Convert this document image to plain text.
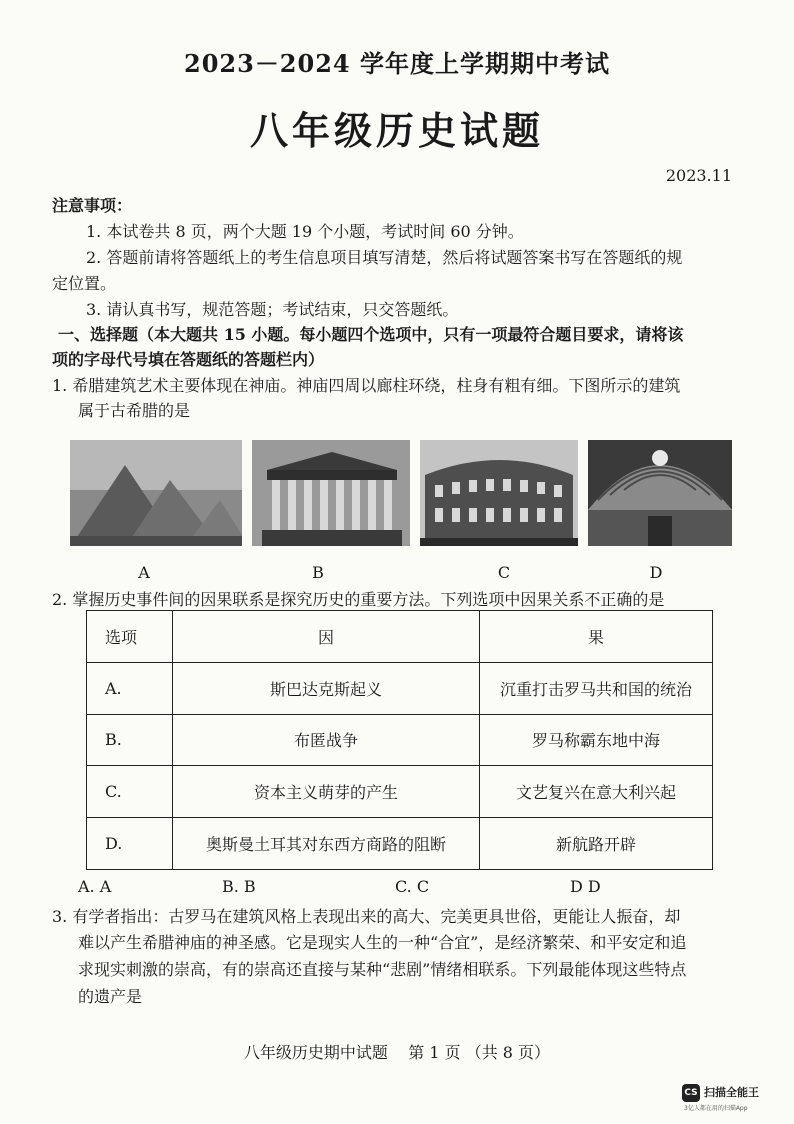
2023－2024 学年度上学期期中考试
八年级历史试题
2023.11
注意事项：
1. 本试卷共 8 页，两个大题 19 个小题，考试时间 60 分钟。
2. 答题前请将答题纸上的考生信息项目填写清楚，然后将试题答案书写在答题纸的规
定位置。
3. 请认真书写，规范答题；考试结束，只交答题纸。
一、选择题（本大题共 15 小题。每小题四个选项中，只有一项最符合题目要求，请将该
项的字母代号填在答题纸的答题栏内）
1. 希腊建筑艺术主要体现在神庙。神庙四周以廊柱环绕，柱身有粗有细。下图所示的建筑
属于古希腊的是
A	B	C	D
2. 掌握历史事件间的因果联系是探究历史的重要方法。下列选项中因果关系不正确的是
选项	因	果
A.	斯巴达克斯起义	沉重打击罗马共和国的统治
B.	布匿战争	罗马称霸东地中海
C.	资本主义萌芽的产生	文艺复兴在意大利兴起
D.	奥斯曼土耳其对东西方商路的阻断	新航路开辟
A. A	B. B	C. C	D D
3. 有学者指出：古罗马在建筑风格上表现出来的高大、完美更具世俗，更能让人振奋，却
难以产生希腊神庙的神圣感。它是现实人生的一种“合宜”，是经济繁荣、和平安定和追
求现实刺激的崇高，有的崇高还直接与某种“悲剧”情绪相联系。下列最能体现这些特点
的遗产是
八年级历史期中试题    第 1 页 （共 8 页）
CS 扫描全能王
3亿人都在用的扫描App
